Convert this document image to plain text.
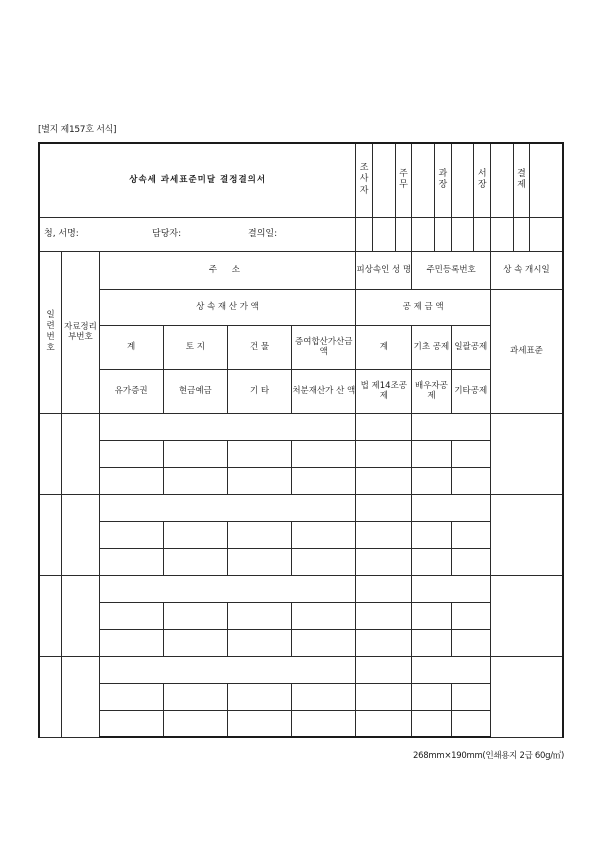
[별지 제157호 서식]
상속세 과세표준미달 결정결의서						조사자		주무		과장		서장		결제	
청, 서명: 담당자: 결의일:															
일련번호	자료정리부번호	주 소				피상속인 성 명			주민등록번호				상 속 개시일		
		상 속 재 산 가 액				공 제 금 액							과세표준		
		계	토 지	건 물	증여합산가산금액	계			기초 공제		일괄공제				
		유가증권	현금예금	기 타	처분재산가 산 액	법 제14조공 제			배우자공제		기타공제				

268mm×190mm(인쇄용지 2급 60g/㎡)
